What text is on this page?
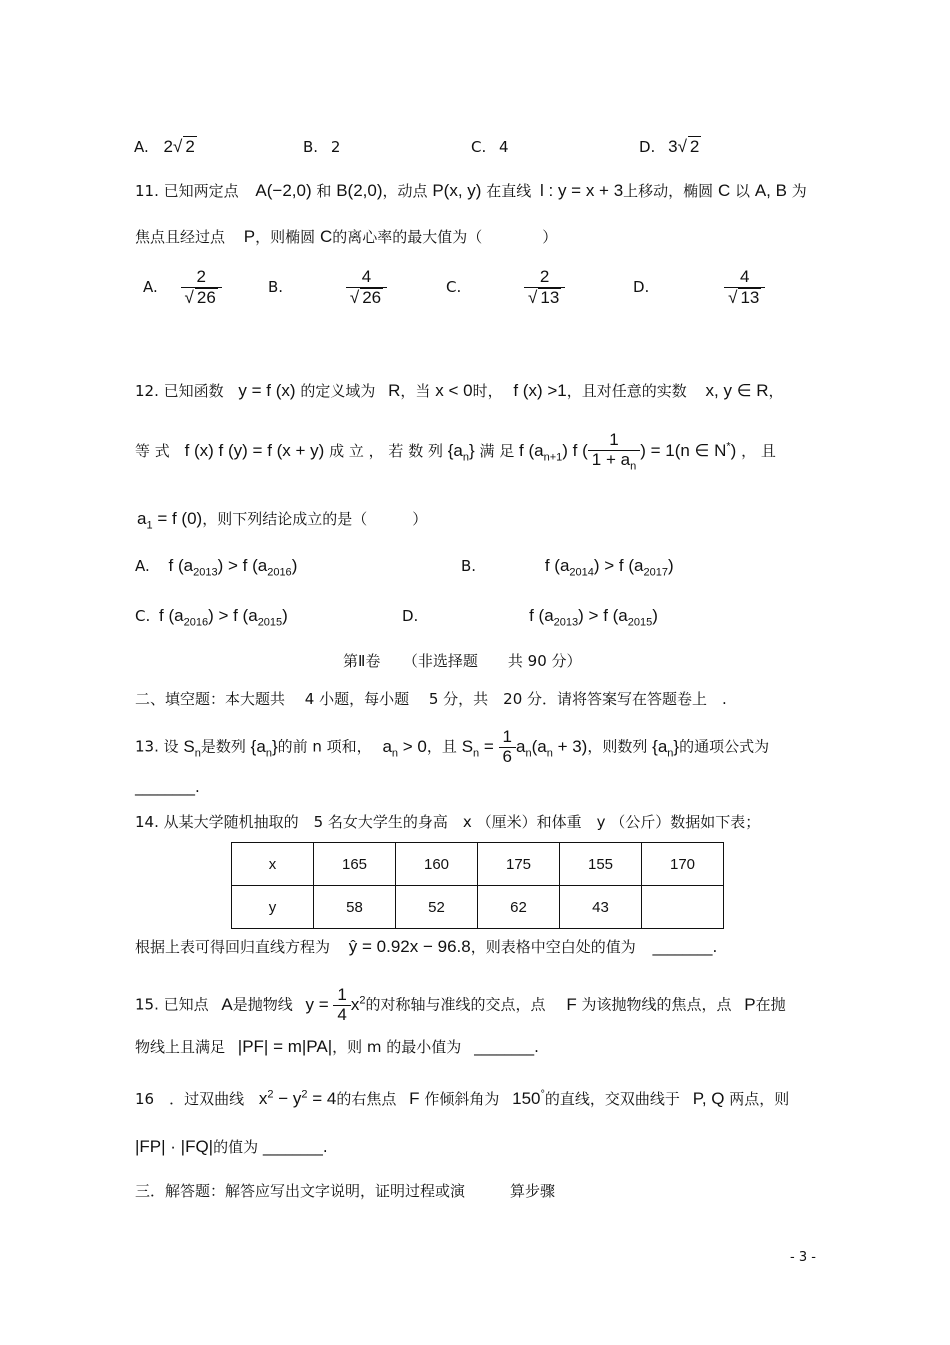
A. 2√ 2	B. 2	C. 4	D. 3√ 2
11. 已知两定点 A(−2,0) 和 B(2,0)，动点 P(x, y) 在直线 l : y = x + 3上移动，椭圆 C 以 A, B 为
焦点且经过点 P，则椭圆 C的离心率的最大值为（　　　　）
A. $\frac{2}{√ 26}$	B.	$\frac{4}{√ 26}$	C.	$\frac{2}{√ 13}$	D.	$\frac{4}{√ 13}$
12. 已知函数 y = f (x) 的定义域为 R，当 x < 0时， f (x) >1，且对任意的实数 x, y ∈ R，
等 式 f (x) f (y) = f (x + y) 成 立 ， 若 数 列 $\{a_n\}$ 满 足 f $(a_{n+1})$ f ( $\frac{1}{1 + a_n}$ ) = 1(n ∈ N*) ， 且
$a_1 = f$ (0)，则下列结论成立的是（　　　）
A. f $(a_{2013}) > f$ $(a_{2016})$	B.	f $(a_{2014}) > f$ $(a_{2017})$
C. f $(a_{2016}) > f$ $(a_{2015})$	D.	f $(a_{2013}) > f$ $(a_{2015})$
第Ⅱ卷　　（非选择题　　共 90 分）
二、填空题：本大题共　 4 小题，每小题　 5 分，共　20 分．请将答案写在答题卷上　.
13. 设 $S_n$是数列 $\{a_n\}$的前 n 项和， $a_n > 0$，且 $S_n = \frac{1}{6} a_n(a_n + 3)$，则数列 $\{a_n\}$的通项公式为
________.
14. 从某大学随机抽取的　5 名女大学生的身高　x （厘米）和体重　y （公斤）数据如下表；
x	165	160	175	155	170
y	58	52	62	43	
根据上表可得回归直线方程为 ŷ = 0.92x − 96.8，则表格中空白处的值为 ________.
15. 已知点 A是抛物线 $y = \frac{1}{4} x^2$的对称轴与准线的交点，点 F 为该抛物线的焦点，点 P在抛
物线上且满足 |PF| = m|PA|，则 m 的最小值为 ________.
16　．过双曲线 $x^2 - y^2 = 4$的右焦点 F 作倾斜角为 150°的直线，交双曲线于 P, Q 两点，则
|FP| · |FQ|的值为 ________.
三．解答题：解答应写出文字说明，证明过程或演　　　算步骤
- 3 -
